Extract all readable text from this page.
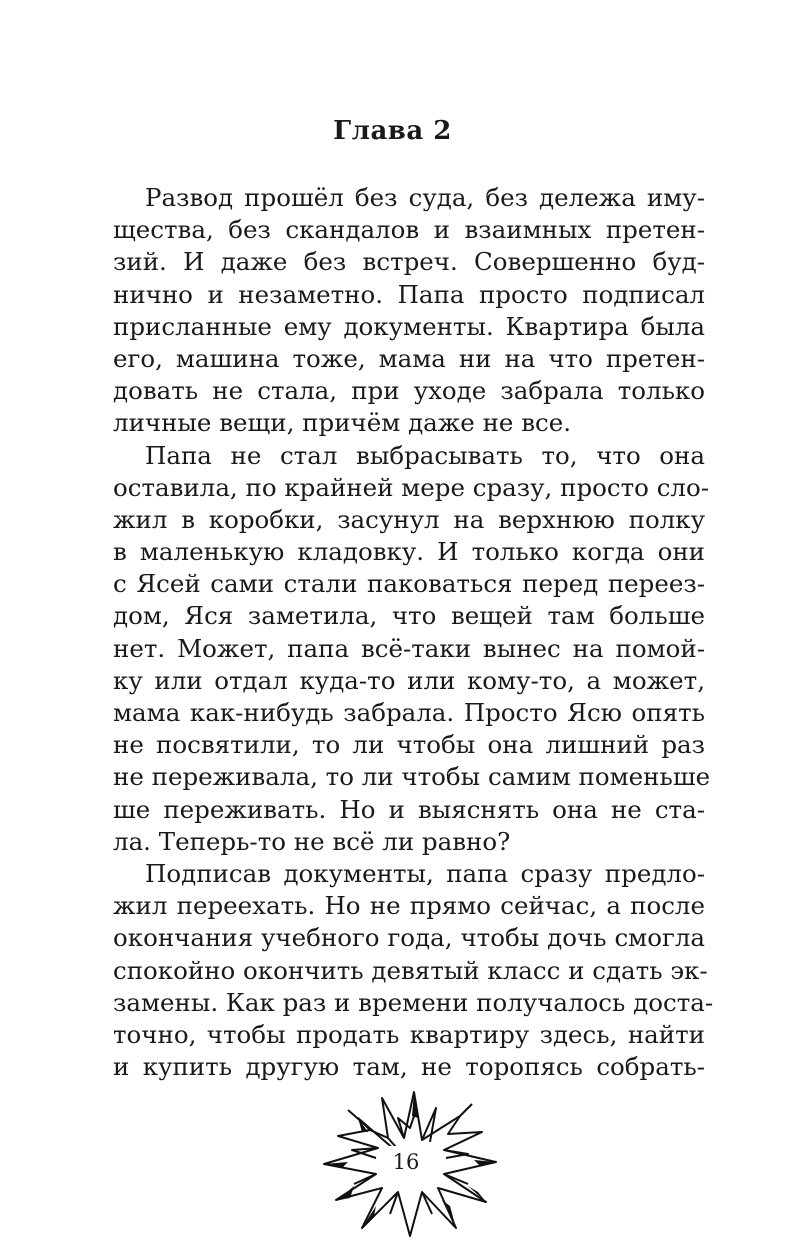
Глава 2
Развод прошёл без суда, без дележа иму-
щества, без скандалов и взаимных претен-
зий. И даже без встреч. Совершенно буд-
нично и незаметно. Папа просто подписал
присланные ему документы. Квартира была
его, машина тоже, мама ни на что претен-
довать не стала, при уходе забрала только
личные вещи, причём даже не все.
Папа не стал выбрасывать то, что она
оставила, по крайней мере сразу, просто сло-
жил в коробки, засунул на верхнюю полку
в маленькую кладовку. И только когда они
с Ясей сами стали паковаться перед переез-
дом, Яся заметила, что вещей там больше
нет. Может, папа всё-таки вынес на помой-
ку или отдал куда-то или кому-то, а может,
мама как-нибудь забрала. Просто Ясю опять
не посвятили, то ли чтобы она лишний раз
не переживала, то ли чтобы самим поменьше
ше переживать. Но и выяснять она не ста-
ла. Теперь-то не всё ли равно?
Подписав документы, папа сразу предло-
жил переехать. Но не прямо сейчас, а после
окончания учебного года, чтобы дочь смогла
спокойно окончить девятый класс и сдать эк-
замены. Как раз и времени получалось доста-
точно, чтобы продать квартиру здесь, найти
и купить другую там, не торопясь собрать-
16
